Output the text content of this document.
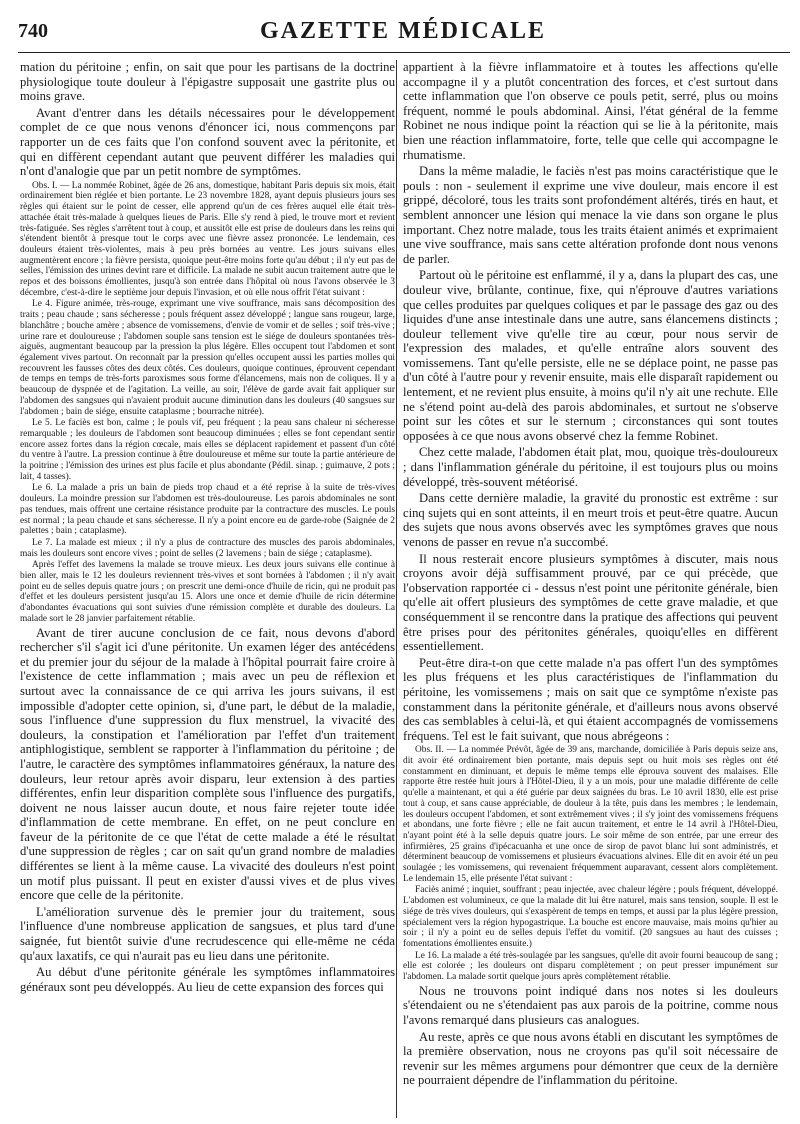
740	GAZETTE MÉDICALE

mation du péritoine ; enfin, on sait que pour les partisans de la doctrine physiologique toute douleur à l'épigastre supposait une gastrite plus ou moins grave.

Avant d'entrer dans les détails nécessaires pour le développement complet de ce que nous venons d'énoncer ici, nous commençons par rapporter un de ces faits que l'on confond souvent avec la péritonite, et qui en diffèrent cependant autant que peuvent différer les maladies qui n'ont d'analogie que par un petit nombre de symptômes.

Obs. I. — La nommée Robinet, âgée de 26 ans, domestique, habitant Paris depuis six mois, était ordinairement bien réglée et bien portante. Le 23 novembre 1828, ayant depuis plusieurs jours ses règles qui étaient sur le point de cesser, elle apprend qu'un de ces frères auquel elle était très-attachée était très-malade à quelques lieues de Paris. Elle s'y rend à pied, le trouve mort et revient très-fatiguée. Ses règles s'arrêtent tout à coup, et aussitôt elle est prise de douleurs dans les reins qui s'étendent bientôt à presque tout le corps avec une fièvre assez prononcée. Le lendemain, ces douleurs étaient très-violentes, mais à peu près bornées au ventre. Les jours suivans elles augmentèrent encore ; la fièvre persista, quoique peut-être moins forte qu'au début ; il n'y eut pas de selles, l'émission des urines devint rare et difficile. La malade ne subit aucun traitement autre que le repos et des boissons émollientes, jusqu'à son entrée dans l'hôpital où nous l'avons observée le 3 décembre, c'est-à-dire le septième jour depuis l'invasion, et où elle nous offrit l'état suivant :

Le 4. Figure animée, très-rouge, exprimant une vive souffrance, mais sans décomposition des traits ; peau chaude ; sans sécheresse ; pouls fréquent assez développé ; langue sans rougeur, large, blanchâtre ; bouche amère ; absence de vomissemens, d'envie de vomir et de selles ; soif très-vive ; urine rare et douloureuse ; l'abdomen souple sans tension est le siége de douleurs spontanées très-aiguës, augmentant beaucoup par la pression la plus légère. Elles occupent tout l'abdomen et sont également vives partout. On reconnaît par la pression qu'elles occupent aussi les parties molles qui recouvrent les fausses côtes des deux côtés. Ces douleurs, quoique continues, éprouvent cependant de temps en temps de très-forts paroxismes sous forme d'élancemens, mais non de coliques. Il y a beaucoup de dyspnée et de l'agitation. La veille, au soir, l'élève de garde avait fait appliquer sur l'abdomen des sangsues qui n'avaient produit aucune diminution dans les douleurs (40 sangsues sur l'abdomen ; bain de siége, ensuite cataplasme ; bourrache nitrée).

Le 5. Le faciès est bon, calme ; le pouls vif, peu fréquent ; la peau sans chaleur ni sécheresse remarquable ; les douleurs de l'abdomen sont beaucoup diminuées ; elles se font cependant sentir encore assez fortes dans la région cœcale, mais elles se déplacent rapidement et passent d'un côté du ventre à l'autre. La pression continue à être douloureuse et même sur toute la partie antérieure de la poitrine ; l'émission des urines est plus facile et plus abondante (Pédil. sinap. ; guimauve, 2 pots ; lait, 4 tasses).

Le 6. La malade a pris un bain de pieds trop chaud et a été reprise à la suite de très-vives douleurs. La moindre pression sur l'abdomen est très-douloureuse. Les parois abdominales ne sont pas tendues, mais offrent une certaine résistance produite par la contracture des muscles. Le pouls est normal ; la peau chaude et sans sécheresse. Il n'y a point encore eu de garde-robe (Saignée de 2 palettes ; bain ; cataplasme).

Le 7. La malade est mieux ; il n'y a plus de contracture des muscles des parois abdominales, mais les douleurs sont encore vives ; point de selles (2 lavemens ; bain de siége ; cataplasme).

Après l'effet des lavemens la malade se trouve mieux. Les deux jours suivans elle continue à bien aller, mais le 12 les douleurs reviennent très-vives et sont bornées à l'abdomen ; il n'y avait point eu de selles depuis quatre jours ; on prescrit une demi-once d'huile de ricin, qui ne produit pas d'effet et les douleurs persistent jusqu'au 15. Alors une once et demie d'huile de ricin détermine d'abondantes évacuations qui sont suivies d'une rémission complète et durable des douleurs. La malade sort le 28 janvier parfaitement rétablie.

Avant de tirer aucune conclusion de ce fait, nous devons d'abord rechercher s'il s'agit ici d'une péritonite. Un examen léger des antécédens et du premier jour du séjour de la malade à l'hôpital pourrait faire croire à l'existence de cette inflammation ; mais avec un peu de réflexion et surtout avec la connaissance de ce qui arriva les jours suivans, il est impossible d'adopter cette opinion, si, d'une part, le début de la maladie, sous l'influence d'une suppression du flux menstruel, la vivacité des douleurs, la constipation et l'amélioration par l'effet d'un traitement antiphlogistique, semblent se rapporter à l'inflammation du péritoine ; de l'autre, le caractère des symptômes inflammatoires généraux, la nature des douleurs, leur retour après avoir disparu, leur extension à des parties différentes, enfin leur disparition complète sous l'influence des purgatifs, doivent ne nous laisser aucun doute, et nous faire rejeter toute idée d'inflammation de cette membrane. En effet, on ne peut conclure en faveur de la péritonite de ce que l'état de cette malade a été le résultat d'une suppression de règles ; car on sait qu'un grand nombre de maladies différentes se lient à la même cause. La vivacité des douleurs n'est point un motif plus puissant. Il peut en exister d'aussi vives et de plus vives encore que celle de la péritonite.

L'amélioration survenue dès le premier jour du traitement, sous l'influence d'une nombreuse application de sangsues, et plus tard d'une saignée, fut bientôt suivie d'une recrudescence qui elle-même ne céda qu'aux laxatifs, ce qui n'aurait pas eu lieu dans une péritonite.

Au début d'une péritonite générale les symptômes inflammatoires généraux sont peu développés. Au lieu de cette expansion des forces qui

appartient à la fièvre inflammatoire et à toutes les affections qu'elle accompagne il y a plutôt concentration des forces, et c'est surtout dans cette inflammation que l'on observe ce pouls petit, serré, plus ou moins fréquent, nommé le pouls abdominal. Ainsi, l'état général de la femme Robinet ne nous indique point la réaction qui se lie à la péritonite, mais bien une réaction inflammatoire, forte, telle que celle qui accompagne le rhumatisme.

Dans la même maladie, le faciès n'est pas moins caractéristique que le pouls : non - seulement il exprime une vive douleur, mais encore il est grippé, décoloré, tous les traits sont profondément altérés, tirés en haut, et semblent annoncer une lésion qui menace la vie dans son organe le plus important. Chez notre malade, tous les traits étaient animés et exprimaient une vive souffrance, mais sans cette altération profonde dont nous venons de parler.

Partout où le péritoine est enflammé, il y a, dans la plupart des cas, une douleur vive, brûlante, continue, fixe, qui n'éprouve d'autres variations que celles produites par quelques coliques et par le passage des gaz ou des liquides d'une anse intestinale dans une autre, sans élancemens distincts ; douleur tellement vive qu'elle tire au cœur, pour nous servir de l'expression des malades, et qu'elle entraîne alors souvent des vomissemens. Tant qu'elle persiste, elle ne se déplace point, ne passe pas d'un côté à l'autre pour y revenir ensuite, mais elle disparaît rapidement ou lentement, et ne revient plus ensuite, à moins qu'il n'y ait une rechute. Elle ne s'étend point au-delà des parois abdominales, et surtout ne s'observe point sur les côtes et sur le sternum ; circonstances qui sont toutes opposées à ce que nous avons observé chez la femme Robinet.

Chez cette malade, l'abdomen était plat, mou, quoique très-douloureux ; dans l'inflammation générale du péritoine, il est toujours plus ou moins développé, très-souvent météorisé.

Dans cette dernière maladie, la gravité du pronostic est extrême : sur cinq sujets qui en sont atteints, il en meurt trois et peut-être quatre. Aucun des sujets que nous avons observés avec les symptômes graves que nous venons de passer en revue n'a succombé.

Il nous resterait encore plusieurs symptômes à discuter, mais nous croyons avoir déjà suffisamment prouvé, par ce qui précède, que l'observation rapportée ci - dessus n'est point une péritonite générale, bien qu'elle ait offert plusieurs des symptômes de cette grave maladie, et que conséquemment il se rencontre dans la pratique des affections qui peuvent être prises pour des péritonites générales, quoiqu'elles en diffèrent essentiellement.

Peut-être dira-t-on que cette malade n'a pas offert l'un des symptômes les plus fréquens et les plus caractéristiques de l'inflammation du péritoine, les vomissemens ; mais on sait que ce symptôme n'existe pas constamment dans la péritonite générale, et d'ailleurs nous avons observé des cas semblables à celui-là, et qui étaient accompagnés de vomissemens fréquens. Tel est le fait suivant, que nous abrégeons :

Obs. II. — La nommée Prévôt, âgée de 39 ans, marchande, domiciliée à Paris depuis seize ans, dit avoir été ordinairement bien portante, mais depuis sept ou huit mois ses règles ont été constamment en diminuant, et depuis le même temps elle éprouva souvent des malaises. Elle rapporte être restée huit jours à l'Hôtel-Dieu, il y a un mois, pour une maladie différente de celle qu'elle a maintenant, et qui a été guérie par deux saignées du bras. Le 10 avril 1830, elle est prise tout à coup, et sans cause appréciable, de douleur à la tête, puis dans les membres ; le lendemain, les douleurs occupent l'abdomen, et sont extrêmement vives ; il s'y joint des vomissemens fréquens et abondans, une forte fièvre ; elle ne fait aucun traitement, et entre le 14 avril à l'Hôtel-Dieu, n'ayant point été à la selle depuis quatre jours. Le soir même de son entrée, par une erreur des infirmières, 25 grains d'ipécacuanha et une once de sirop de pavot blanc lui sont administrés, et déterminent beaucoup de vomissemens et plusieurs évacuations alvines. Elle dit en avoir été un peu soulagée ; les vomissemens, qui revenaient fréquemment auparavant, cessent alors complètement. Le lendemain 15, elle présente l'état suivant :

Faciès animé ; inquiet, souffrant ; peau injectée, avec chaleur légère ; pouls fréquent, développé. L'abdomen est volumineux, ce que la malade dit lui être naturel, mais sans tension, souple. Il est le siége de très vives douleurs, qui s'exaspèrent de temps en temps, et aussi par la plus légère pression, spécialement vers la région hypogastrique. La bouche est encore mauvaise, mais moins qu'hier au soir ; il n'y a point eu de selles depuis l'effet du vomitif. (20 sangsues au haut des cuisses ; fomentations émollientes ensuite.)

Le 16. La malade a été très-soulagée par les sangsues, qu'elle dit avoir fourni beaucoup de sang ; elle est colorée ; les douleurs ont disparu complètement ; on peut presser impunément sur l'abdomen. La malade sortit quelque jours après complètement rétablie.

Nous ne trouvons point indiqué dans nos notes si les douleurs s'étendaient ou ne s'étendaient pas aux parois de la poitrine, comme nous l'avons remarqué dans plusieurs cas analogues.

Au reste, après ce que nous avons établi en discutant les symptômes de la première observation, nous ne croyons pas qu'il soit nécessaire de revenir sur les mêmes argumens pour démontrer que ceux de la dernière ne pourraient dépendre de l'inflammation du péritoine.
